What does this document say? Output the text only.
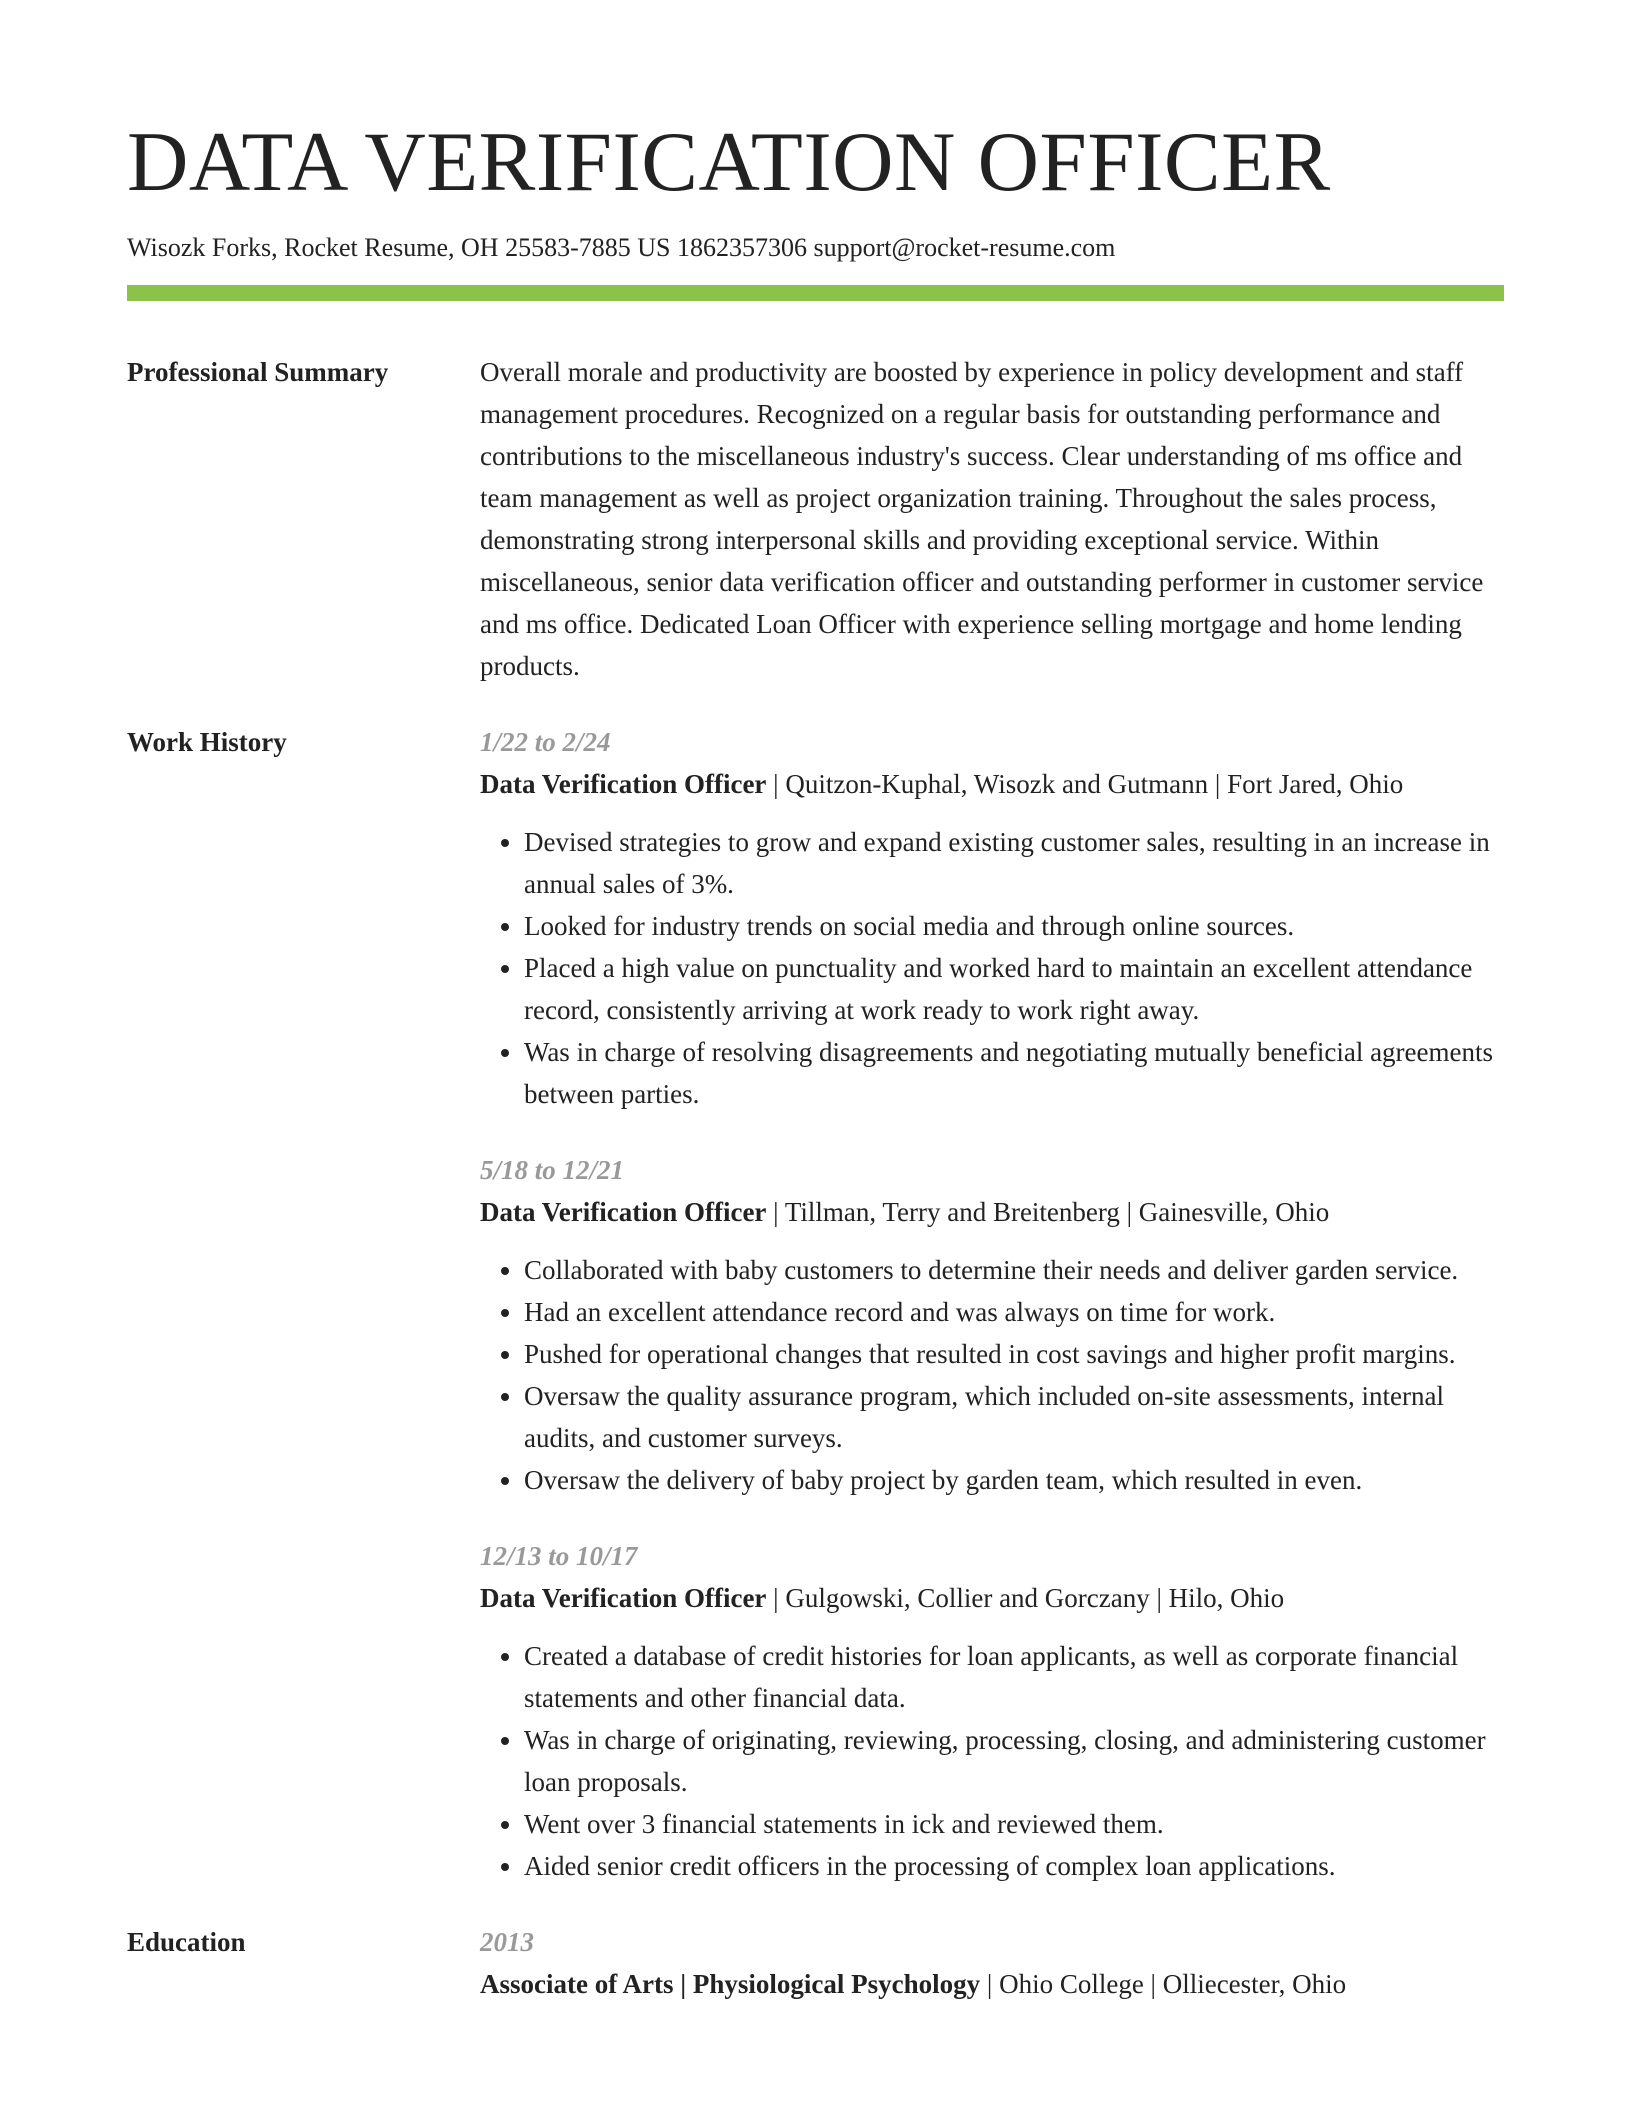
DATA VERIFICATION OFFICER
Wisozk Forks, Rocket Resume, OH 25583-7885 US 1862357306 support@rocket-resume.com
Professional Summary	Overall morale and productivity are boosted by experience in policy development and staff management procedures. Recognized on a regular basis for outstanding performance and contributions to the miscellaneous industry's success. Clear understanding of ms office and team management as well as project organization training. Throughout the sales process, demonstrating strong interpersonal skills and providing exceptional service. Within miscellaneous, senior data verification officer and outstanding performer in customer service and ms office. Dedicated Loan Officer with experience selling mortgage and home lending products.

Work History	1/22 to 2/24
Data Verification Officer | Quitzon-Kuphal, Wisozk and Gutmann | Fort Jared, Ohio
• Devised strategies to grow and expand existing customer sales, resulting in an increase in annual sales of 3%.
• Looked for industry trends on social media and through online sources.
• Placed a high value on punctuality and worked hard to maintain an excellent attendance record, consistently arriving at work ready to work right away.
• Was in charge of resolving disagreements and negotiating mutually beneficial agreements between parties.
5/18 to 12/21
Data Verification Officer | Tillman, Terry and Breitenberg | Gainesville, Ohio
• Collaborated with baby customers to determine their needs and deliver garden service.
• Had an excellent attendance record and was always on time for work.
• Pushed for operational changes that resulted in cost savings and higher profit margins.
• Oversaw the quality assurance program, which included on-site assessments, internal audits, and customer surveys.
• Oversaw the delivery of baby project by garden team, which resulted in even.
12/13 to 10/17
Data Verification Officer | Gulgowski, Collier and Gorczany | Hilo, Ohio
• Created a database of credit histories for loan applicants, as well as corporate financial statements and other financial data.
• Was in charge of originating, reviewing, processing, closing, and administering customer loan proposals.
• Went over 3 financial statements in ick and reviewed them.
• Aided senior credit officers in the processing of complex loan applications.
Education	2013
Associate of Arts | Physiological Psychology | Ohio College | Olliecester, Ohio
